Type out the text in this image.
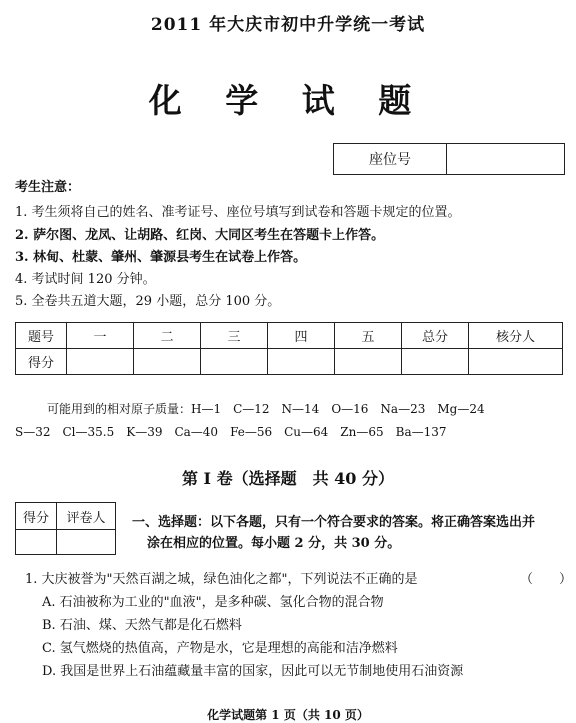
2011 年大庆市初中升学统一考试
化 学 试 题
座位号
考生注意：
1. 考生须将自己的姓名、准考证号、座位号填写到试卷和答题卡规定的位置。
2. 萨尔图、龙凤、让胡路、红岗、大同区考生在答题卡上作答。
3. 林甸、杜蒙、肇州、肇源县考生在试卷上作答。
4. 考试时间 120 分钟。
5. 全卷共五道大题，29 小题，总分 100 分。
题号	一	二	三	四	五	总分	核分人
得分							
可能用到的相对原子质量：H—1　C—12　N—14　O—16　Na—23　Mg—24
S—32　Cl—35.5　K—39　Ca—40　Fe—56　Cu—64　Zn—65　Ba—137
第 I 卷（选择题　共 40 分）
得分	评卷人
	一、选择题：以下各题，只有一个符合要求的答案。将正确答案选出并
涂在相应的位置。每小题 2 分，共 30 分。
1. 大庆被誉为"天然百湖之城，绿色油化之都"，下列说法不正确的是	（　　）
A. 石油被称为工业的"血液"，是多种碳、氢化合物的混合物
B. 石油、煤、天然气都是化石燃料
C. 氢气燃烧的热值高，产物是水，它是理想的高能和洁净燃料
D. 我国是世界上石油蕴藏量丰富的国家，因此可以无节制地使用石油资源
化学试题第 1 页（共 10 页）
